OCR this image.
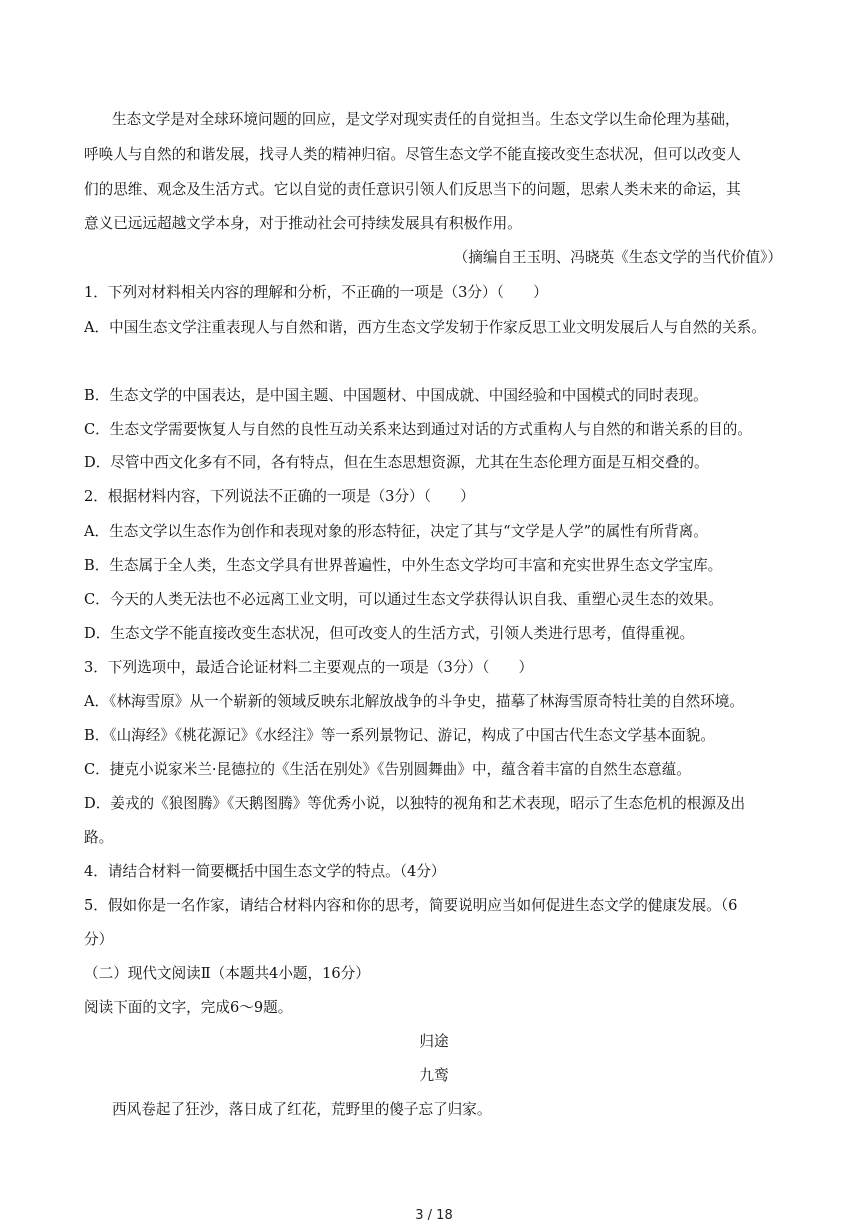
生态文学是对全球环境问题的回应，是文学对现实责任的自觉担当。生态文学以生命伦理为基础，
呼唤人与自然的和谐发展，找寻人类的精神归宿。尽管生态文学不能直接改变生态状况，但可以改变人
们的思维、观念及生活方式。它以自觉的责任意识引领人们反思当下的问题，思索人类未来的命运，其
意义已远远超越文学本身，对于推动社会可持续发展具有积极作用。
（摘编自王玉明、冯晓英《生态文学的当代价值》）
1．下列对材料相关内容的理解和分析，不正确的一项是（3分）（　　）
A．中国生态文学注重表现人与自然和谐，西方生态文学发轫于作家反思工业文明发展后人与自然的关系。
B．生态文学的中国表达，是中国主题、中国题材、中国成就、中国经验和中国模式的同时表现。
C．生态文学需要恢复人与自然的良性互动关系来达到通过对话的方式重构人与自然的和谐关系的目的。
D．尽管中西文化多有不同，各有特点，但在生态思想资源，尤其在生态伦理方面是互相交叠的。
2．根据材料内容，下列说法不正确的一项是（3分）（　　）
A．生态文学以生态作为创作和表现对象的形态特征，决定了其与“文学是人学”的属性有所背离。
B．生态属于全人类，生态文学具有世界普遍性，中外生态文学均可丰富和充实世界生态文学宝库。
C．今天的人类无法也不必远离工业文明，可以通过生态文学获得认识自我、重塑心灵生态的效果。
D．生态文学不能直接改变生态状况，但可改变人的生活方式，引领人类进行思考，值得重视。
3．下列选项中，最适合论证材料二主要观点的一项是（3分）（　　）
A．《林海雪原》从一个崭新的领域反映东北解放战争的斗争史，描摹了林海雪原奇特壮美的自然环境。
B．《山海经》《桃花源记》《水经注》等一系列景物记、游记，构成了中国古代生态文学基本面貌。
C．捷克小说家米兰·昆德拉的《生活在别处》《告别圆舞曲》中，蕴含着丰富的自然生态意蕴。
D．姜戎的《狼图腾》《天鹅图腾》等优秀小说，以独特的视角和艺术表现，昭示了生态危机的根源及出
路。
4．请结合材料一简要概括中国生态文学的特点。（4分）
5．假如你是一名作家，请结合材料内容和你的思考，简要说明应当如何促进生态文学的健康发展。（6
分）
（二）现代文阅读Ⅱ（本题共4小题，16分）
阅读下面的文字，完成6～9题。
归途
九鸾
西风卷起了狂沙，落日成了红花，荒野里的傻子忘了归家。
3 / 18
